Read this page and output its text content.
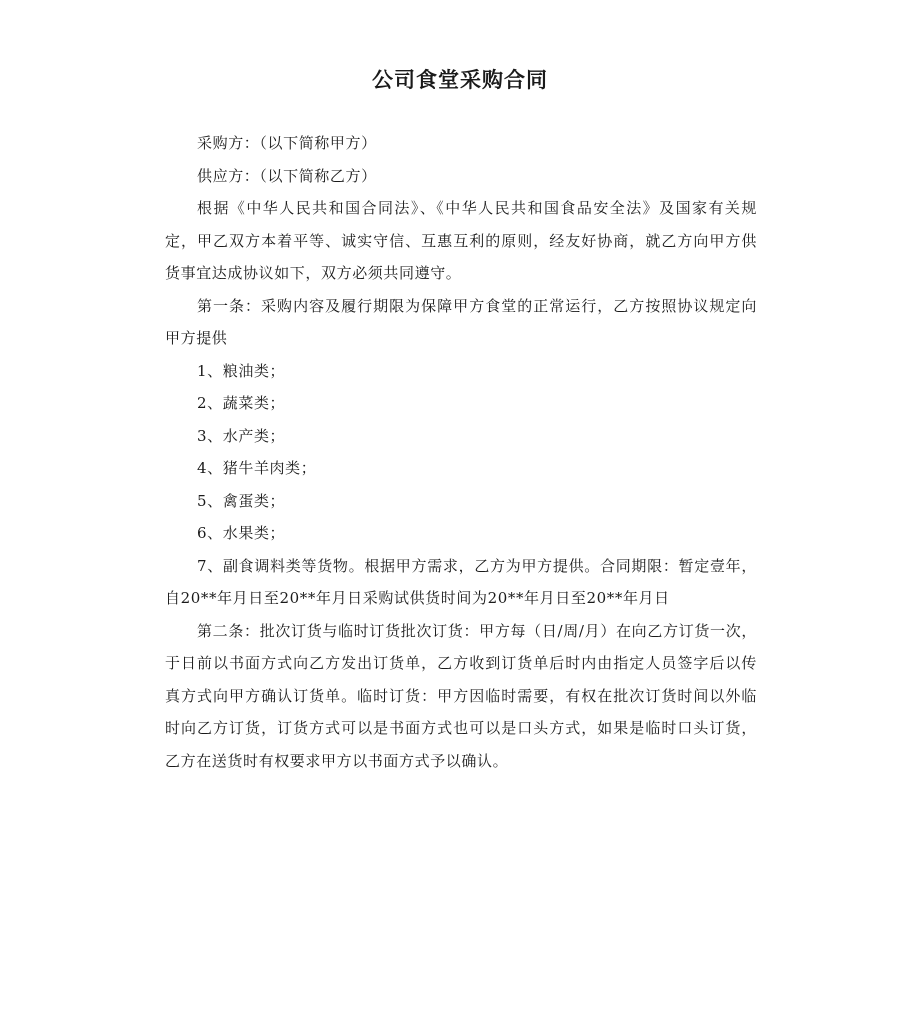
公司食堂采购合同

采购方：（以下简称甲方）

供应方：（以下简称乙方）

根据《中华人民共和国合同法》、《中华人民共和国食品安全法》及国家有关规定，甲乙双方本着平等、诚实守信、互惠互利的原则，经友好协商，就乙方向甲方供货事宜达成协议如下，双方必须共同遵守。

第一条：采购内容及履行期限为保障甲方食堂的正常运行，乙方按照协议规定向甲方提供

1、粮油类；

2、蔬菜类；

3、水产类；

4、猪牛羊肉类；

5、禽蛋类；

6、水果类；

7、副食调料类等货物。根据甲方需求，乙方为甲方提供。合同期限：暂定壹年，自20**年月日至20**年月日采购试供货时间为20**年月日至20**年月日

第二条：批次订货与临时订货批次订货：甲方每（日/周/月）在向乙方订货一次，于日前以书面方式向乙方发出订货单，乙方收到订货单后时内由指定人员签字后以传真方式向甲方确认订货单。临时订货：甲方因临时需要，有权在批次订货时间以外临时向乙方订货，订货方式可以是书面方式也可以是口头方式，如果是临时口头订货，乙方在送货时有权要求甲方以书面方式予以确认。
